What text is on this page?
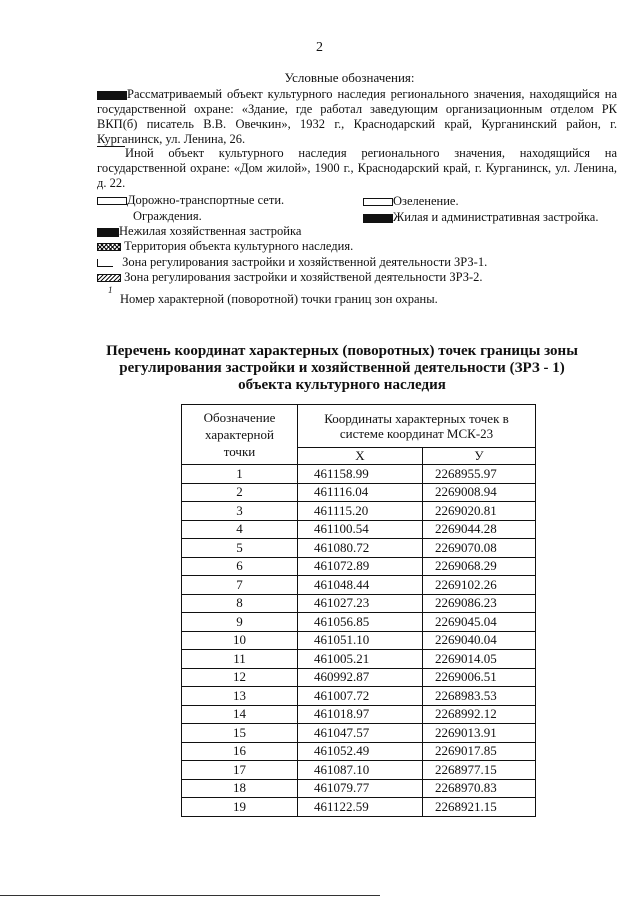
2
Условные обозначения:
Рассматриваемый объект культурного наследия регионального значения, находящийся на государственной охране: «Здание, где работал заведующим организационным отделом РК ВКП(б) писатель В.В. Овечкин», 1932 г., Краснодарский край, Курганинский район, г. Курганинск, ул. Ленина, 26.
Иной объект культурного наследия регионального значения, находящийся на государственной охране: «Дом жилой», 1900 г., Краснодарский край, г. Курганинск, ул. Ленина, д. 22.
Дорожно-транспортные сети.	Озеленение.
Ограждения.	Жилая и административная застройка.
Нежилая хозяйственная застройка
Территория объекта культурного наследия.
Зона регулирования застройки и хозяйственной деятельности ЗРЗ-1.
Зона регулирования застройки и хозяйственой деятельности ЗРЗ-2.
1
Номер характерной (поворотной) точки границ зон охраны.
Перечень координат характерных (поворотных) точек границы зоны
регулирования застройки и хозяйственной деятельности (ЗРЗ - 1)
объекта культурного наследия
Обозначение характерной точки	Координаты характерных точек в системе координат МСК-23	

	X	У
1	461158.99	2268955.97
2	461116.04	2269008.94
3	461115.20	2269020.81
4	461100.54	2269044.28
5	461080.72	2269070.08
6	461072.89	2269068.29
7	461048.44	2269102.26
8	461027.23	2269086.23
9	461056.85	2269045.04
10	461051.10	2269040.04
11	461005.21	2269014.05
12	460992.87	2269006.51
13	461007.72	2268983.53
14	461018.97	2268992.12
15	461047.57	2269013.91
16	461052.49	2269017.85
17	461087.10	2268977.15
18	461079.77	2268970.83
19	461122.59	2268921.15
